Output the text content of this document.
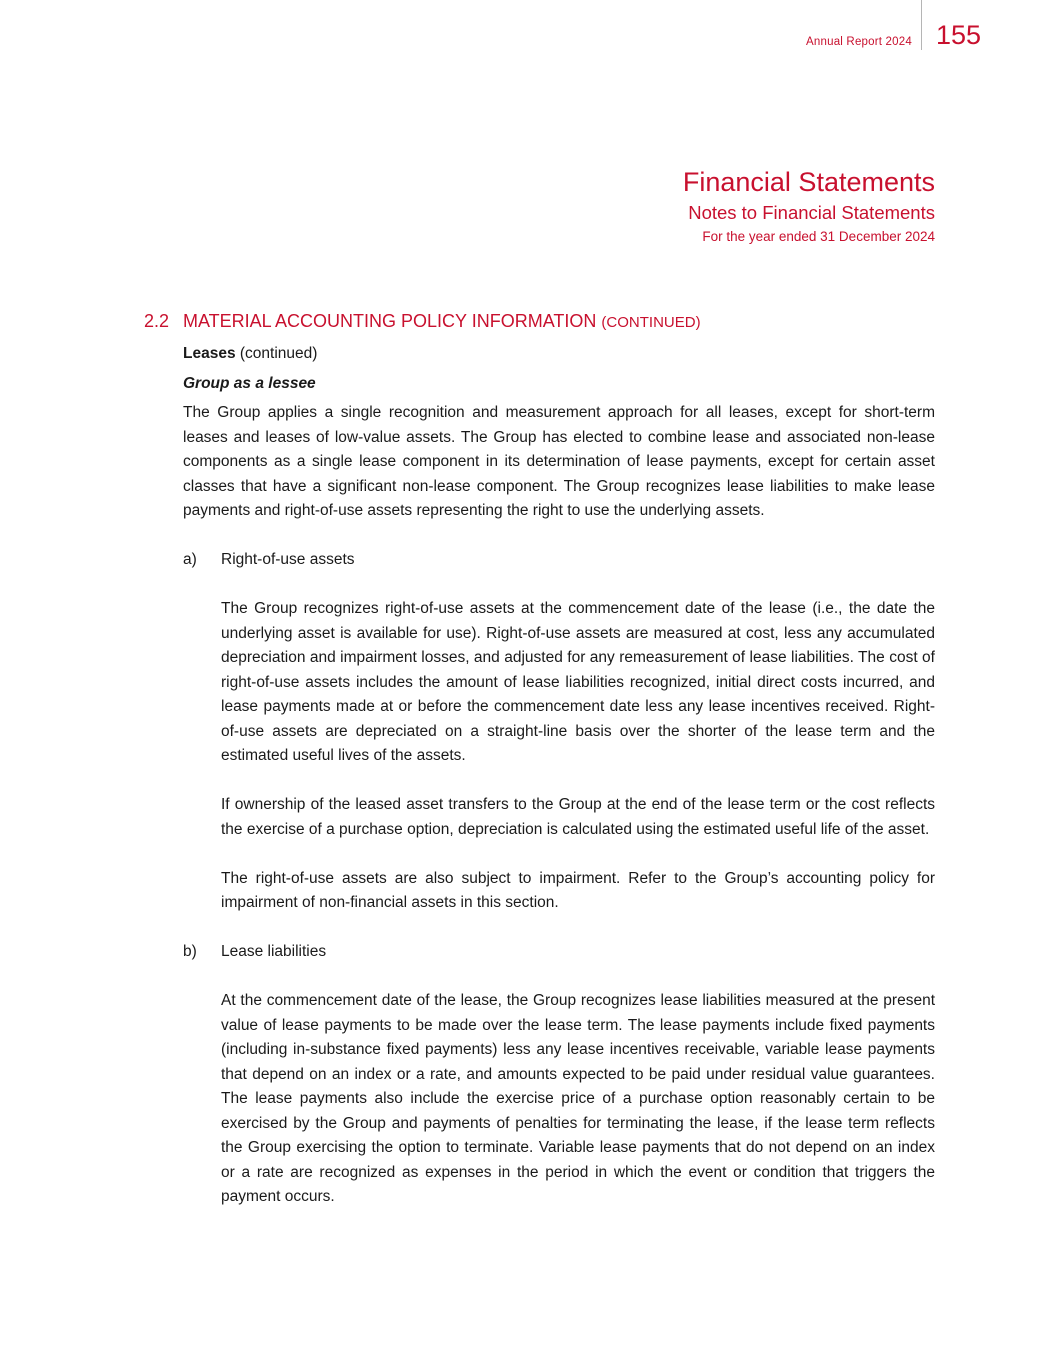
Annual Report 2024 155
Financial Statements
Notes to Financial Statements
For the year ended 31 December 2024
2.2 MATERIAL ACCOUNTING POLICY INFORMATION (CONTINUED)
Leases (continued)
Group as a lessee
The Group applies a single recognition and measurement approach for all leases, except for short-term leases and leases of low-value assets. The Group has elected to combine lease and associated non-lease components as a single lease component in its determination of lease payments, except for certain asset classes that have a significant non-lease component. The Group recognizes lease liabilities to make lease payments and right-of-use assets representing the right to use the underlying assets.
a)	Right-of-use assets

The Group recognizes right-of-use assets at the commencement date of the lease (i.e., the date the underlying asset is available for use). Right-of-use assets are measured at cost, less any accumulated depreciation and impairment losses, and adjusted for any remeasurement of lease liabilities. The cost of right-of-use assets includes the amount of lease liabilities recognized, initial direct costs incurred, and lease payments made at or before the commencement date less any lease incentives received. Right-of-use assets are depreciated on a straight-line basis over the shorter of the lease term and the estimated useful lives of the assets.

If ownership of the leased asset transfers to the Group at the end of the lease term or the cost reflects the exercise of a purchase option, depreciation is calculated using the estimated useful life of the asset.

The right-of-use assets are also subject to impairment. Refer to the Group’s accounting policy for impairment of non-financial assets in this section.

b)	Lease liabilities

At the commencement date of the lease, the Group recognizes lease liabilities measured at the present value of lease payments to be made over the lease term. The lease payments include fixed payments (including in-substance fixed payments) less any lease incentives receivable, variable lease payments that depend on an index or a rate, and amounts expected to be paid under residual value guarantees. The lease payments also include the exercise price of a purchase option reasonably certain to be exercised by the Group and payments of penalties for terminating the lease, if the lease term reflects the Group exercising the option to terminate. Variable lease payments that do not depend on an index or a rate are recognized as expenses in the period in which the event or condition that triggers the payment occurs.
